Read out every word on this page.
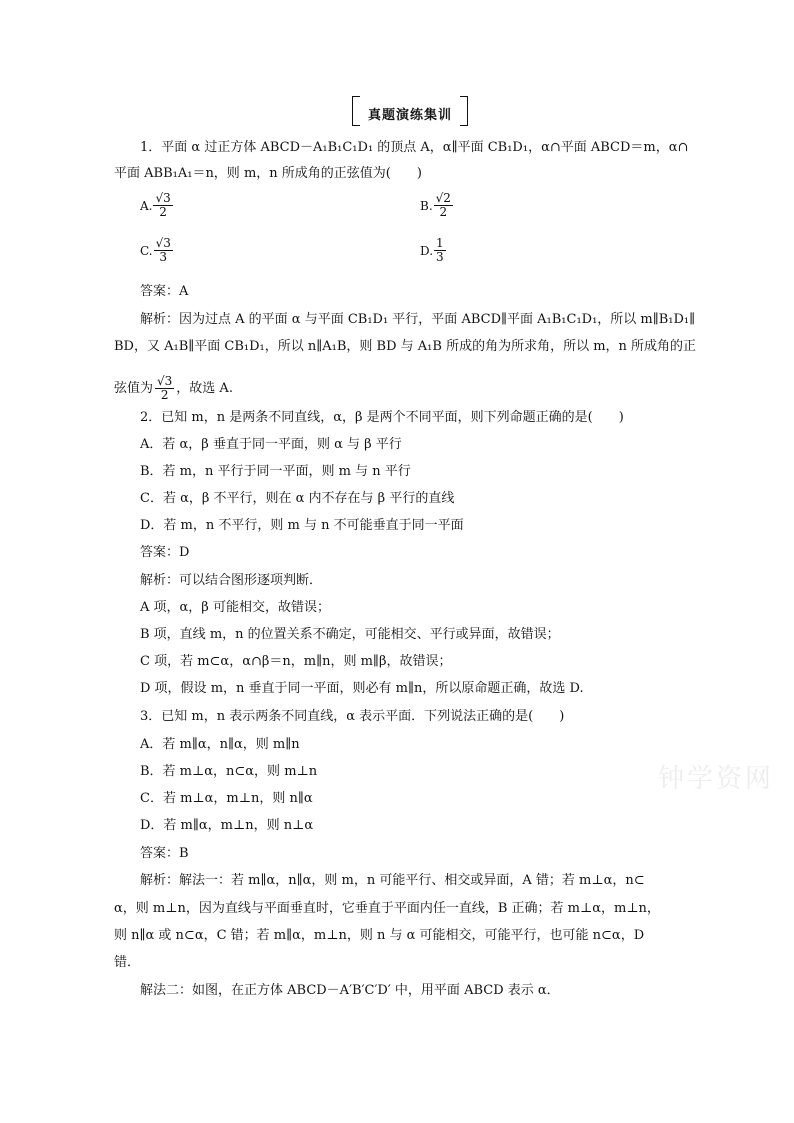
真题演练集训
1．平面 α 过正方体 ABCD－A₁B₁C₁D₁ 的顶点 A，α∥平面 CB₁D₁，α∩平面 ABCD＝m，α∩
平面 ABB₁A₁＝n，则 m，n 所成角的正弦值为(　　)
A. $\frac{√3}{2}$	B. $\frac{√2}{2}$
C. $\frac{√3}{3}$	D. $\frac{1}{3}$
答案：A
解析：因为过点 A 的平面 α 与平面 CB₁D₁ 平行，平面 ABCD∥平面 A₁B₁C₁D₁，所以 m∥B₁D₁∥
BD，又 A₁B∥平面 CB₁D₁，所以 n∥A₁B，则 BD 与 A₁B 所成的角为所求角，所以 m，n 所成角的正
弦值为 $\frac{√3}{2}$ ，故选 A.
2．已知 m，n 是两条不同直线，α，β 是两个不同平面，则下列命题正确的是(　　)
A．若 α，β 垂直于同一平面，则 α 与 β 平行
B．若 m，n 平行于同一平面，则 m 与 n 平行
C．若 α，β 不平行，则在 α 内不存在与 β 平行的直线
D．若 m，n 不平行，则 m 与 n 不可能垂直于同一平面
答案：D
解析：可以结合图形逐项判断．
A 项，α，β 可能相交，故错误；
B 项，直线 m，n 的位置关系不确定，可能相交、平行或异面，故错误；
C 项，若 m⊂α，α∩β＝n，m∥n，则 m∥β，故错误；
D 项，假设 m，n 垂直于同一平面，则必有 m∥n，所以原命题正确，故选 D.
3．已知 m，n 表示两条不同直线，α 表示平面．下列说法正确的是(　　)
A．若 m∥α，n∥α，则 m∥n
B．若 m⊥α，n⊂α，则 m⊥n
C．若 m⊥α，m⊥n，则 n∥α
D．若 m∥α，m⊥n，则 n⊥α
答案：B
解析：解法一：若 m∥α，n∥α，则 m，n 可能平行、相交或异面，A 错；若 m⊥α，n⊂
α，则 m⊥n，因为直线与平面垂直时，它垂直于平面内任一直线，B 正确；若 m⊥α，m⊥n，
则 n∥α 或 n⊂α，C 错；若 m∥α，m⊥n，则 n 与 α 可能相交，可能平行，也可能 n⊂α，D
错．
解法二：如图，在正方体 ABCD－A′B′C′D′ 中，用平面 ABCD 表示 α．
钟学资网
